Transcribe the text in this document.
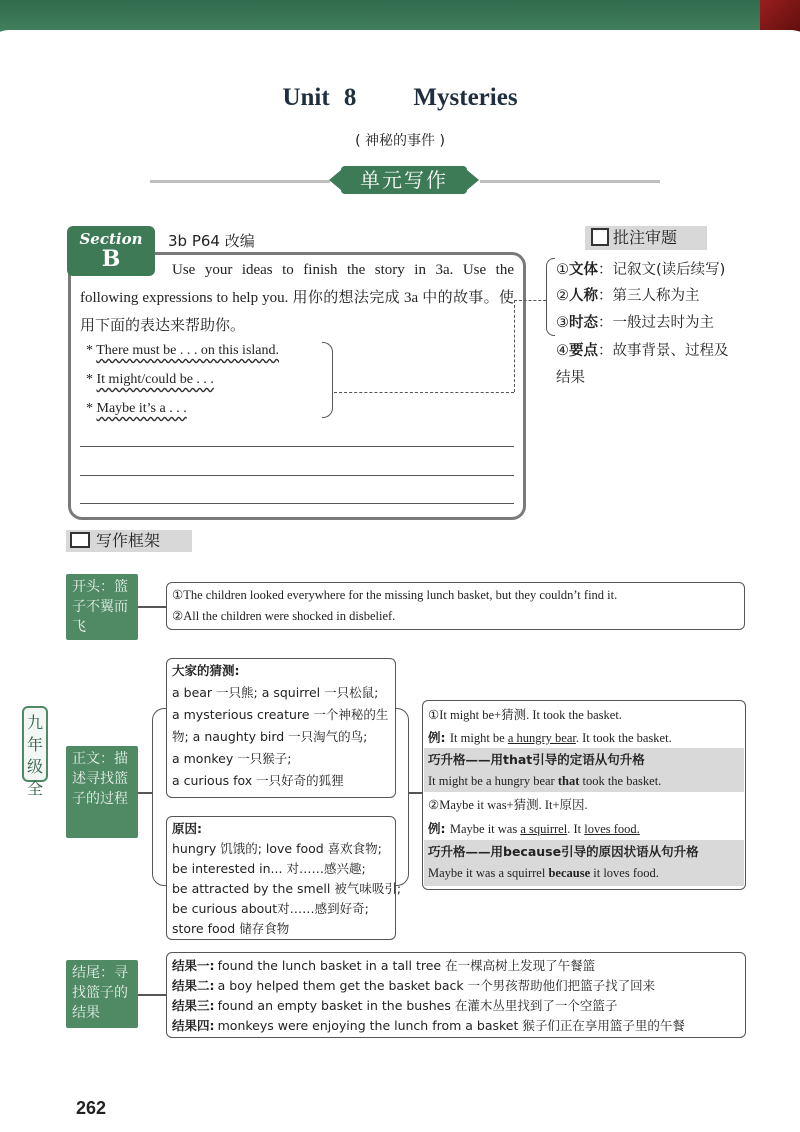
Unit 8    Mysteries
( 神秘的事件 )
单元写作
Section
B
3b P64 改编
Use your ideas to finish the story in 3a. Use the following expressions to help you. 用你的想法完成 3a 中的故事。使用下面的表达来帮助你。
* There must be . . . on this island.
* It might/could be . . .
* Maybe it’s a . . .
批注审题
①文体：记叙文(读后续写)
②人称：第三人称为主
③时态：一般过去时为主
④要点：故事背景、过程及
结果
写作框架
九年级全
开头：篮子不翼而飞
①The children looked everywhere for the missing lunch basket, but they couldn’t find it.
②All the children were shocked in disbelief.
正文：描述寻找篮子的过程
大家的猜测:
a bear 一只熊; a squirrel 一只松鼠;
a mysterious creature 一个神秘的生
物; a naughty bird 一只淘气的鸟;
a monkey 一只猴子;
a curious fox 一只好奇的狐狸
原因:
hungry 饥饿的; love food 喜欢食物;
be interested in... 对……感兴趣;
be attracted by the smell 被气味吸引;
be curious about对……感到好奇;
store food 储存食物
①It might be+猜测. It took the basket.
例: It might be a hungry bear. It took the basket.
巧升格——用that引导的定语从句升格
It might be a hungry bear that took the basket.
②Maybe it was+猜测. It+原因.
例: Maybe it was a squirrel. It loves food.
巧升格——用because引导的原因状语从句升格
Maybe it was a squirrel because it loves food.
结尾：寻找篮子的结果
结果一: found the lunch basket in a tall tree 在一棵高树上发现了午餐篮
结果二: a boy helped them get the basket back 一个男孩帮助他们把篮子找了回来
结果三: found an empty basket in the bushes 在灌木丛里找到了一个空篮子
结果四: monkeys were enjoying the lunch from a basket 猴子们正在享用篮子里的午餐
262
